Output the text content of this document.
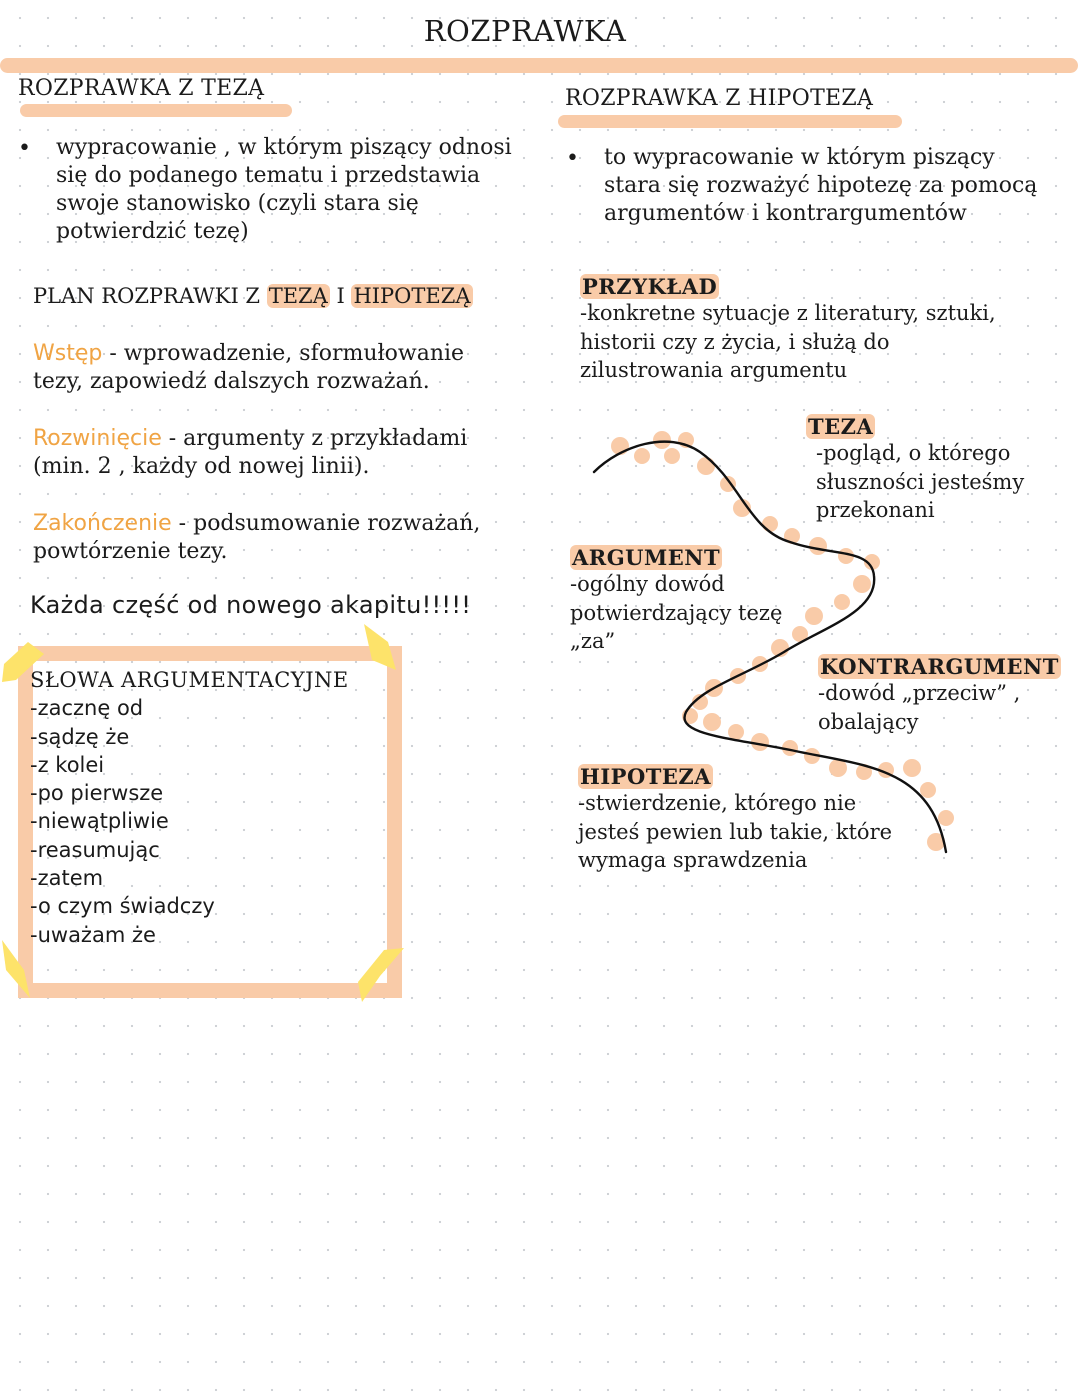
ROZPRAWKA
ROZPRAWKA Z TEZĄ
• wypracowanie , w którym piszący odnosi
się do podanego tematu i przedstawia
swoje stanowisko (czyli stara się
potwierdzić tezę)
ROZPRAWKA Z HIPOTEZĄ
• to wypracowanie w którym piszący
stara się rozważyć hipotezę za pomocą
argumentów i kontrargumentów
PLAN ROZPRAWKI Z TEZĄ I HIPOTEZĄ
Wstęp - wprowadzenie, sformułowanie
tezy, zapowiedź dalszych rozważań.
Rozwinięcie - argumenty z przykładami
(min. 2 , każdy od nowej linii).
Zakończenie - podsumowanie rozważań,
powtórzenie tezy.
Każda część od nowego akapitu!!!!!
SŁOWA ARGUMENTACYJNE
-zacznę od
-sądzę że
-z kolei
-po pierwsze
-niewątpliwie
-reasumując
-zatem
-o czym świadczy
-uważam że
PRZYKŁAD
-konkretne sytuacje z literatury, sztuki,
historii czy z życia, i służą do
zilustrowania argumentu
TEZA
-pogląd, o którego
słuszności jesteśmy
przekonani
ARGUMENT
-ogólny dowód
potwierdzający tezę
„za”
KONTRARGUMENT
-dowód „przeciw” ,
obalający
HIPOTEZA
-stwierdzenie, którego nie
jesteś pewien lub takie, które
wymaga sprawdzenia
